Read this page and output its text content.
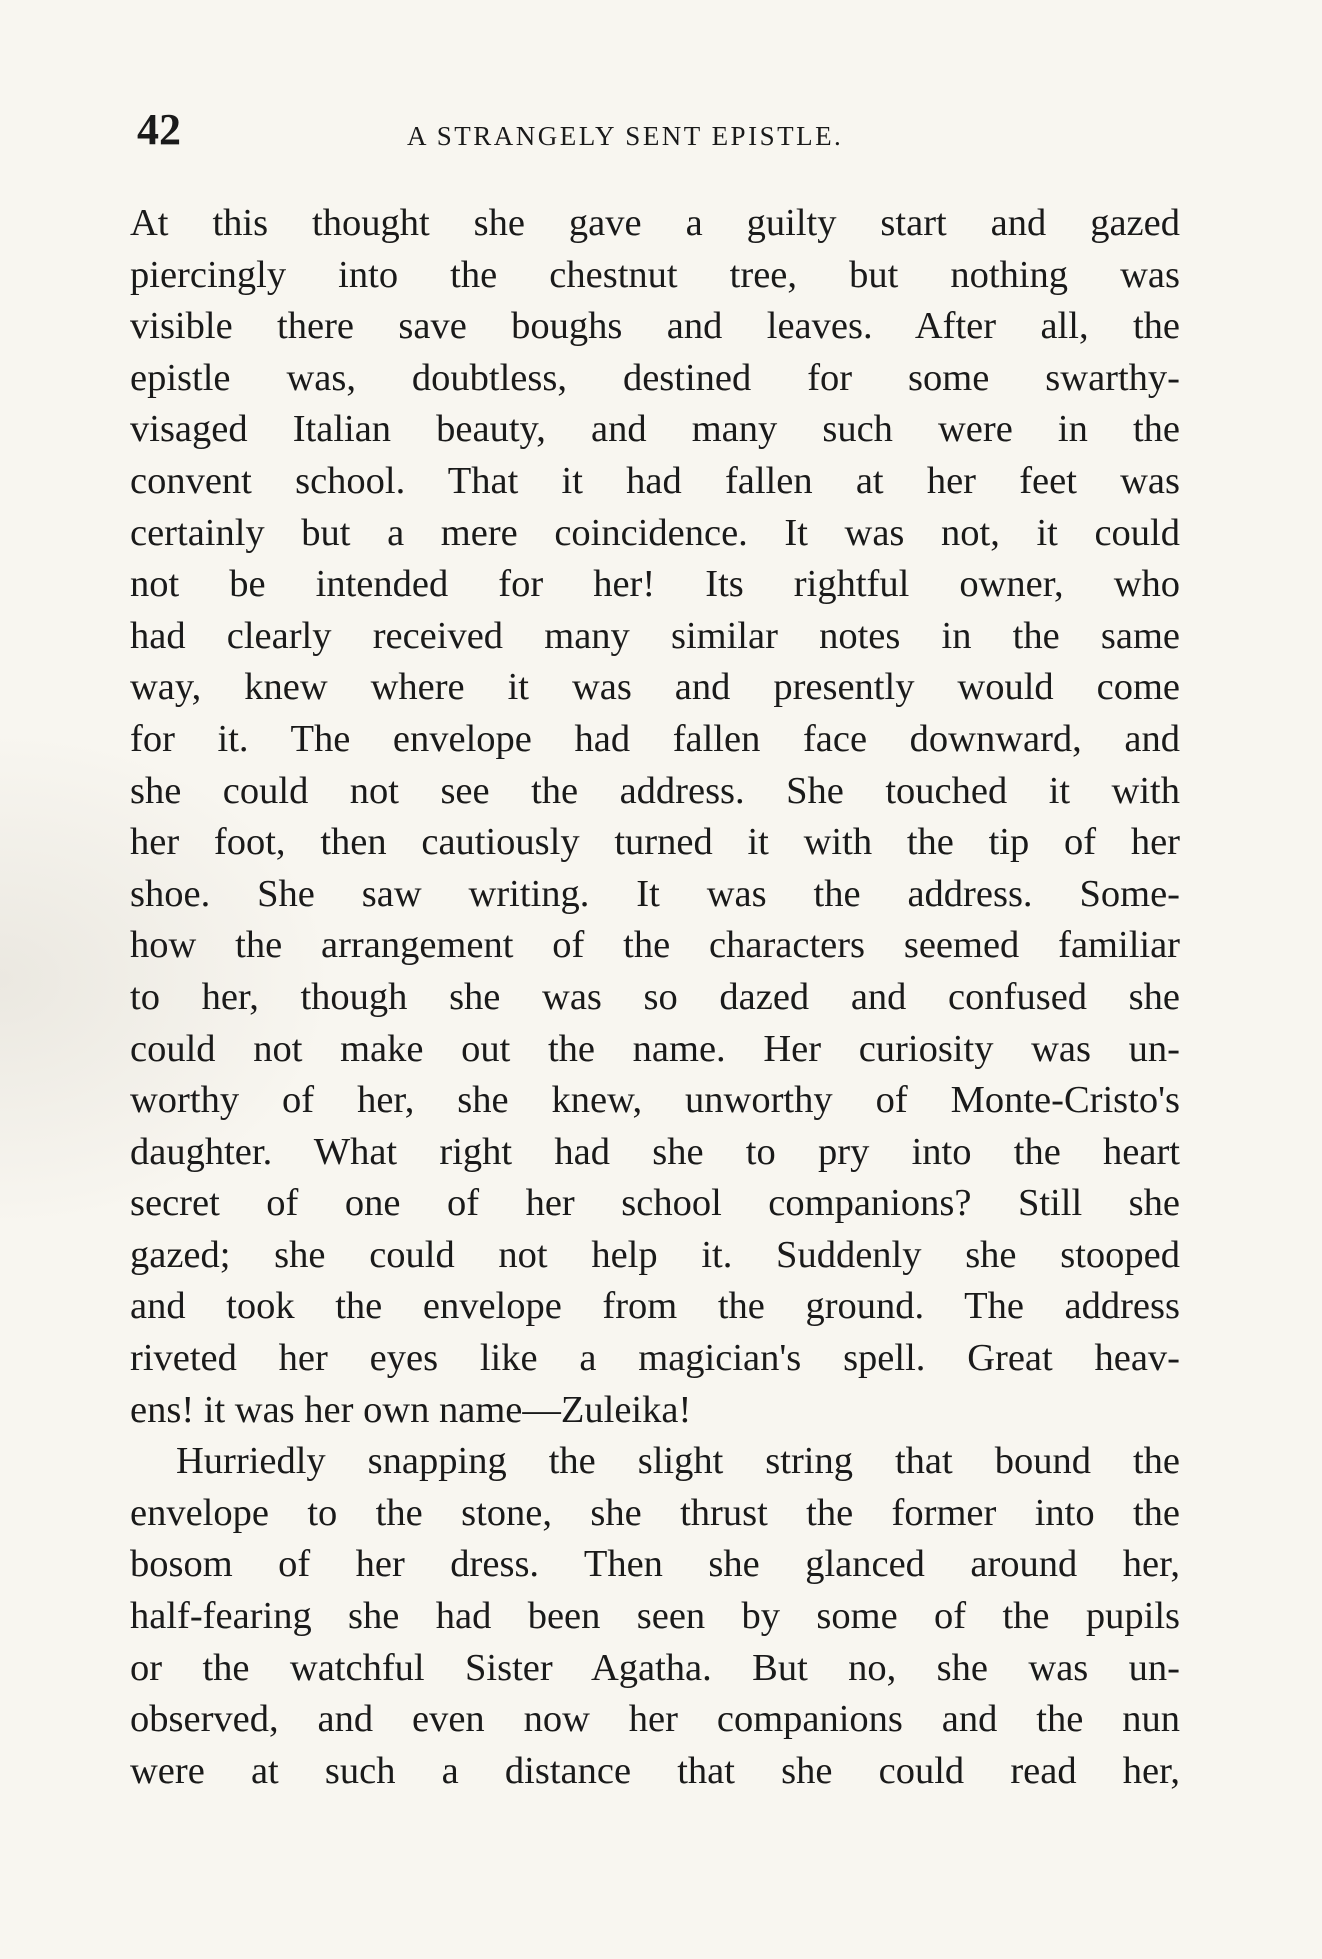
42	A STRANGELY SENT EPISTLE.
At this thought she gave a guilty start and gazed
piercingly into the chestnut tree, but nothing was
visible there save boughs and leaves. After all, the
epistle was, doubtless, destined for some swarthy-
visaged Italian beauty, and many such were in the
convent school. That it had fallen at her feet was
certainly but a mere coincidence. It was not, it could
not be intended for her! Its rightful owner, who
had clearly received many similar notes in the same
way, knew where it was and presently would come
for it. The envelope had fallen face downward, and
she could not see the address. She touched it with
her foot, then cautiously turned it with the tip of her
shoe. She saw writing. It was the address. Some-
how the arrangement of the characters seemed familiar
to her, though she was so dazed and confused she
could not make out the name. Her curiosity was un-
worthy of her, she knew, unworthy of Monte-Cristo's
daughter. What right had she to pry into the heart
secret of one of her school companions? Still she
gazed; she could not help it. Suddenly she stooped
and took the envelope from the ground. The address
riveted her eyes like a magician's spell. Great heav-
ens! it was her own name—Zuleika!
Hurriedly snapping the slight string that bound the
envelope to the stone, she thrust the former into the
bosom of her dress. Then she glanced around her,
half-fearing she had been seen by some of the pupils
or the watchful Sister Agatha. But no, she was un-
observed, and even now her companions and the nun
were at such a distance that she could read her,
